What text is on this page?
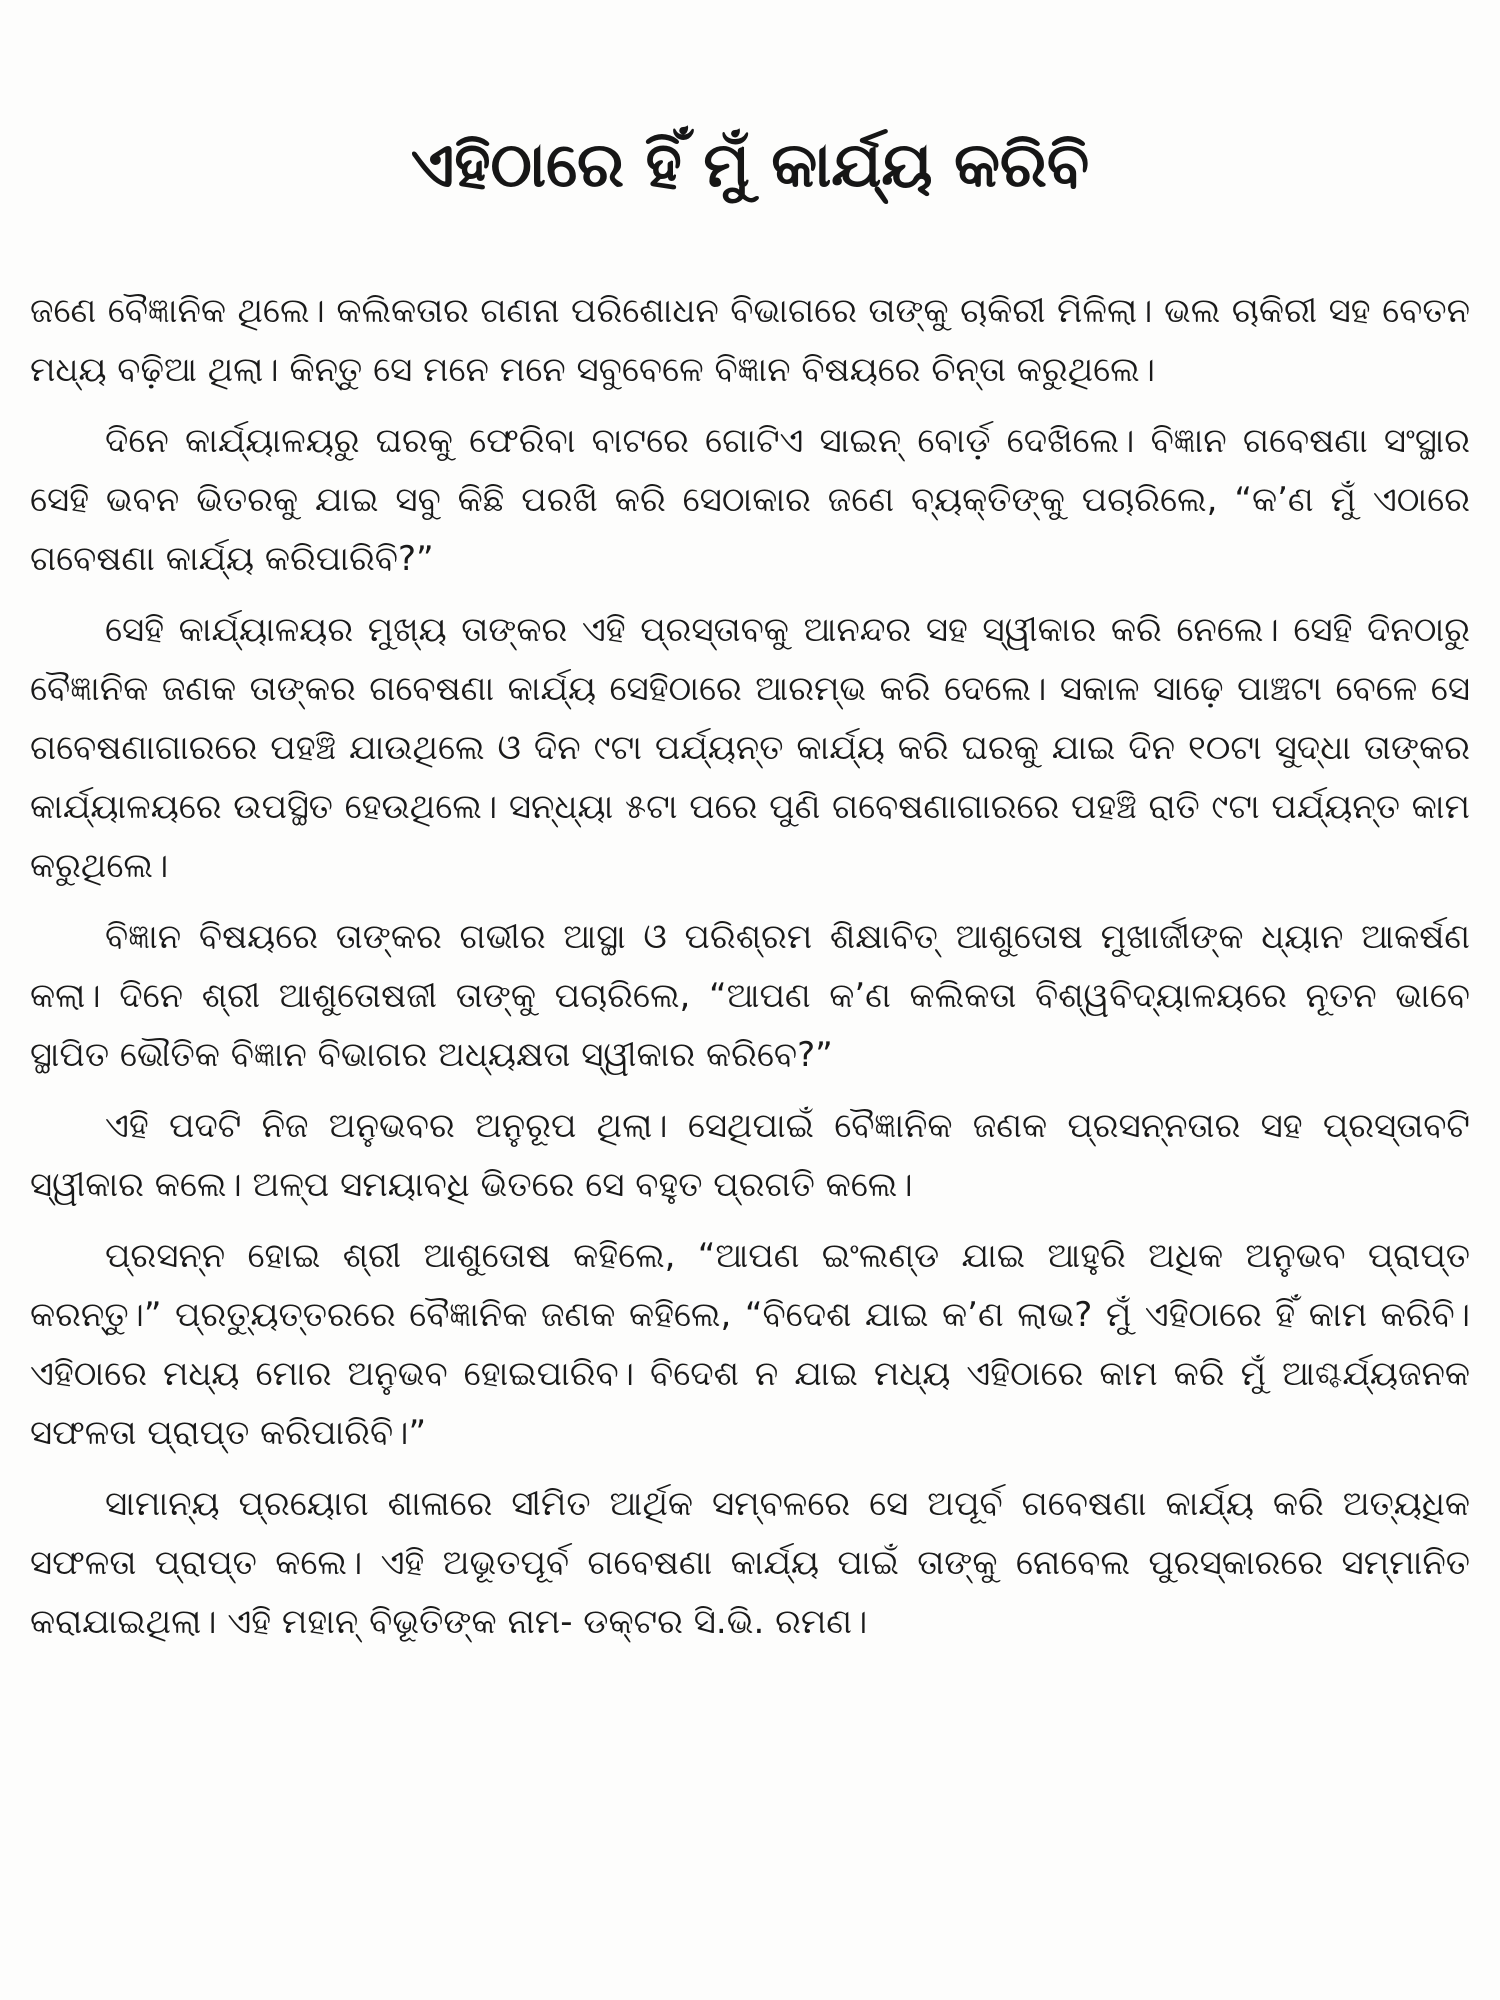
ଏହିଠାରେ ହିଁ ମୁଁ କାର୍ଯ୍ୟ କରିବି

ଜଣେ ବୈଜ୍ଞାନିକ ଥିଲେ। କଲିକତାର ଗଣନା ପରିଶୋଧନ ବିଭାଗରେ ତାଙ୍କୁ ଚାକିରୀ ମିଳିଲା। ଭଲ ଚାକିରୀ ସହ ବେତନ ମଧ୍ୟ ବଢ଼ିଆ ଥିଲା। କିନ୍ତୁ ସେ ମନେ ମନେ ସବୁବେଳେ ବିଜ୍ଞାନ ବିଷୟରେ ଚିନ୍ତା କରୁଥିଲେ।

ଦିନେ କାର୍ଯ୍ୟାଳୟରୁ ଘରକୁ ଫେରିବା ବାଟରେ ଗୋଟିଏ ସାଇନ୍ ବୋର୍ଡ଼ ଦେଖିଲେ। ବିଜ୍ଞାନ ଗବେଷଣା ସଂସ୍ଥାର ସେହି ଭବନ ଭିତରକୁ ଯାଇ ସବୁ କିଛି ପରଖି କରି ସେଠାକାର ଜଣେ ବ୍ୟକ୍ତିଙ୍କୁ ପଚାରିଲେ, “କ’ଣ ମୁଁ ଏଠାରେ ଗବେଷଣା କାର୍ଯ୍ୟ କରିପାରିବି?”

ସେହି କାର୍ଯ୍ୟାଳୟର ମୁଖ୍ୟ ତାଙ୍କର ଏହି ପ୍ରସ୍ତାବକୁ ଆନନ୍ଦର ସହ ସ୍ୱୀକାର କରି ନେଲେ। ସେହି ଦିନଠାରୁ ବୈଜ୍ଞାନିକ ଜଣକ ତାଙ୍କର ଗବେଷଣା କାର୍ଯ୍ୟ ସେହିଠାରେ ଆରମ୍ଭ କରି ଦେଲେ। ସକାଳ ସାଢ଼େ ପାଞ୍ଚଟା ବେଳେ ସେ ଗବେଷଣାଗାରରେ ପହଞ୍ଚି ଯାଉଥିଲେ ଓ ଦିନ ୯ଟା ପର୍ଯ୍ୟନ୍ତ କାର୍ଯ୍ୟ କରି ଘରକୁ ଯାଇ ଦିନ ୧୦ଟା ସୁଦ୍ଧା ତାଙ୍କର କାର୍ଯ୍ୟାଳୟରେ ଉପସ୍ଥିତ ହେଉଥିଲେ। ସନ୍ଧ୍ୟା ୫ଟା ପରେ ପୁଣି ଗବେଷଣାଗାରରେ ପହଞ୍ଚି ରାତି ୯ଟା ପର୍ଯ୍ୟନ୍ତ କାମ କରୁଥିଲେ।

ବିଜ୍ଞାନ ବିଷୟରେ ତାଙ୍କର ଗଭୀର ଆସ୍ଥା ଓ ପରିଶ୍ରମ ଶିକ୍ଷାବିତ୍ ଆଶୁତୋଷ ମୁଖାର୍ଜୀଙ୍କ ଧ୍ୟାନ ଆକର୍ଷଣ କଲା। ଦିନେ ଶ୍ରୀ ଆଶୁତୋଷଜୀ ତାଙ୍କୁ ପଚାରିଲେ, “ଆପଣ କ’ଣ କଲିକତା ବିଶ୍ୱବିଦ୍ୟାଳୟରେ ନୂତନ ଭାବେ ସ୍ଥାପିତ ଭୌତିକ ବିଜ୍ଞାନ ବିଭାଗର ଅଧ୍ୟକ୍ଷତା ସ୍ୱୀକାର କରିବେ?”

ଏହି ପଦଟି ନିଜ ଅନୁଭବର ଅନୁରୂପ ଥିଲା। ସେଥିପାଇଁ ବୈଜ୍ଞାନିକ ଜଣକ ପ୍ରସନ୍ନତାର ସହ ପ୍ରସ୍ତାବଟି ସ୍ୱୀକାର କଲେ। ଅଳ୍ପ ସମୟାବଧି ଭିତରେ ସେ ବହୁତ ପ୍ରଗତି କଲେ।

ପ୍ରସନ୍ନ ହୋଇ ଶ୍ରୀ ଆଶୁତୋଷ କହିଲେ, “ଆପଣ ଇଂଲଣ୍ଡ ଯାଇ ଆହୁରି ଅଧିକ ଅନୁଭବ ପ୍ରାପ୍ତ କରନ୍ତୁ।” ପ୍ରତ୍ୟୁତ୍ତରରେ ବୈଜ୍ଞାନିକ ଜଣକ କହିଲେ, “ବିଦେଶ ଯାଇ କ’ଣ ଲାଭ? ମୁଁ ଏହିଠାରେ ହିଁ କାମ କରିବି। ଏହିଠାରେ ମଧ୍ୟ ମୋର ଅନୁଭବ ହୋଇପାରିବ। ବିଦେଶ ନ ଯାଇ ମଧ୍ୟ ଏହିଠାରେ କାମ କରି ମୁଁ ଆଶ୍ଚର୍ଯ୍ୟଜନକ ସଫଳତା ପ୍ରାପ୍ତ କରିପାରିବି।”

ସାମାନ୍ୟ ପ୍ରୟୋଗ ଶାଳାରେ ସୀମିତ ଆର୍ଥିକ ସମ୍ବଳରେ ସେ ଅପୂର୍ବ ଗବେଷଣା କାର୍ଯ୍ୟ କରି ଅତ୍ୟଧିକ ସଫଳତା ପ୍ରାପ୍ତ କଲେ। ଏହି ଅଭୂତପୂର୍ବ ଗବେଷଣା କାର୍ଯ୍ୟ ପାଇଁ ତାଙ୍କୁ ନୋବେଲ ପୁରସ୍କାରରେ ସମ୍ମାନିତ କରାଯାଇଥିଲା। ଏହି ମହାନ୍ ବିଭୂତିଙ୍କ ନାମ- ଡକ୍ଟର ସି.ଭି. ରମଣ।
